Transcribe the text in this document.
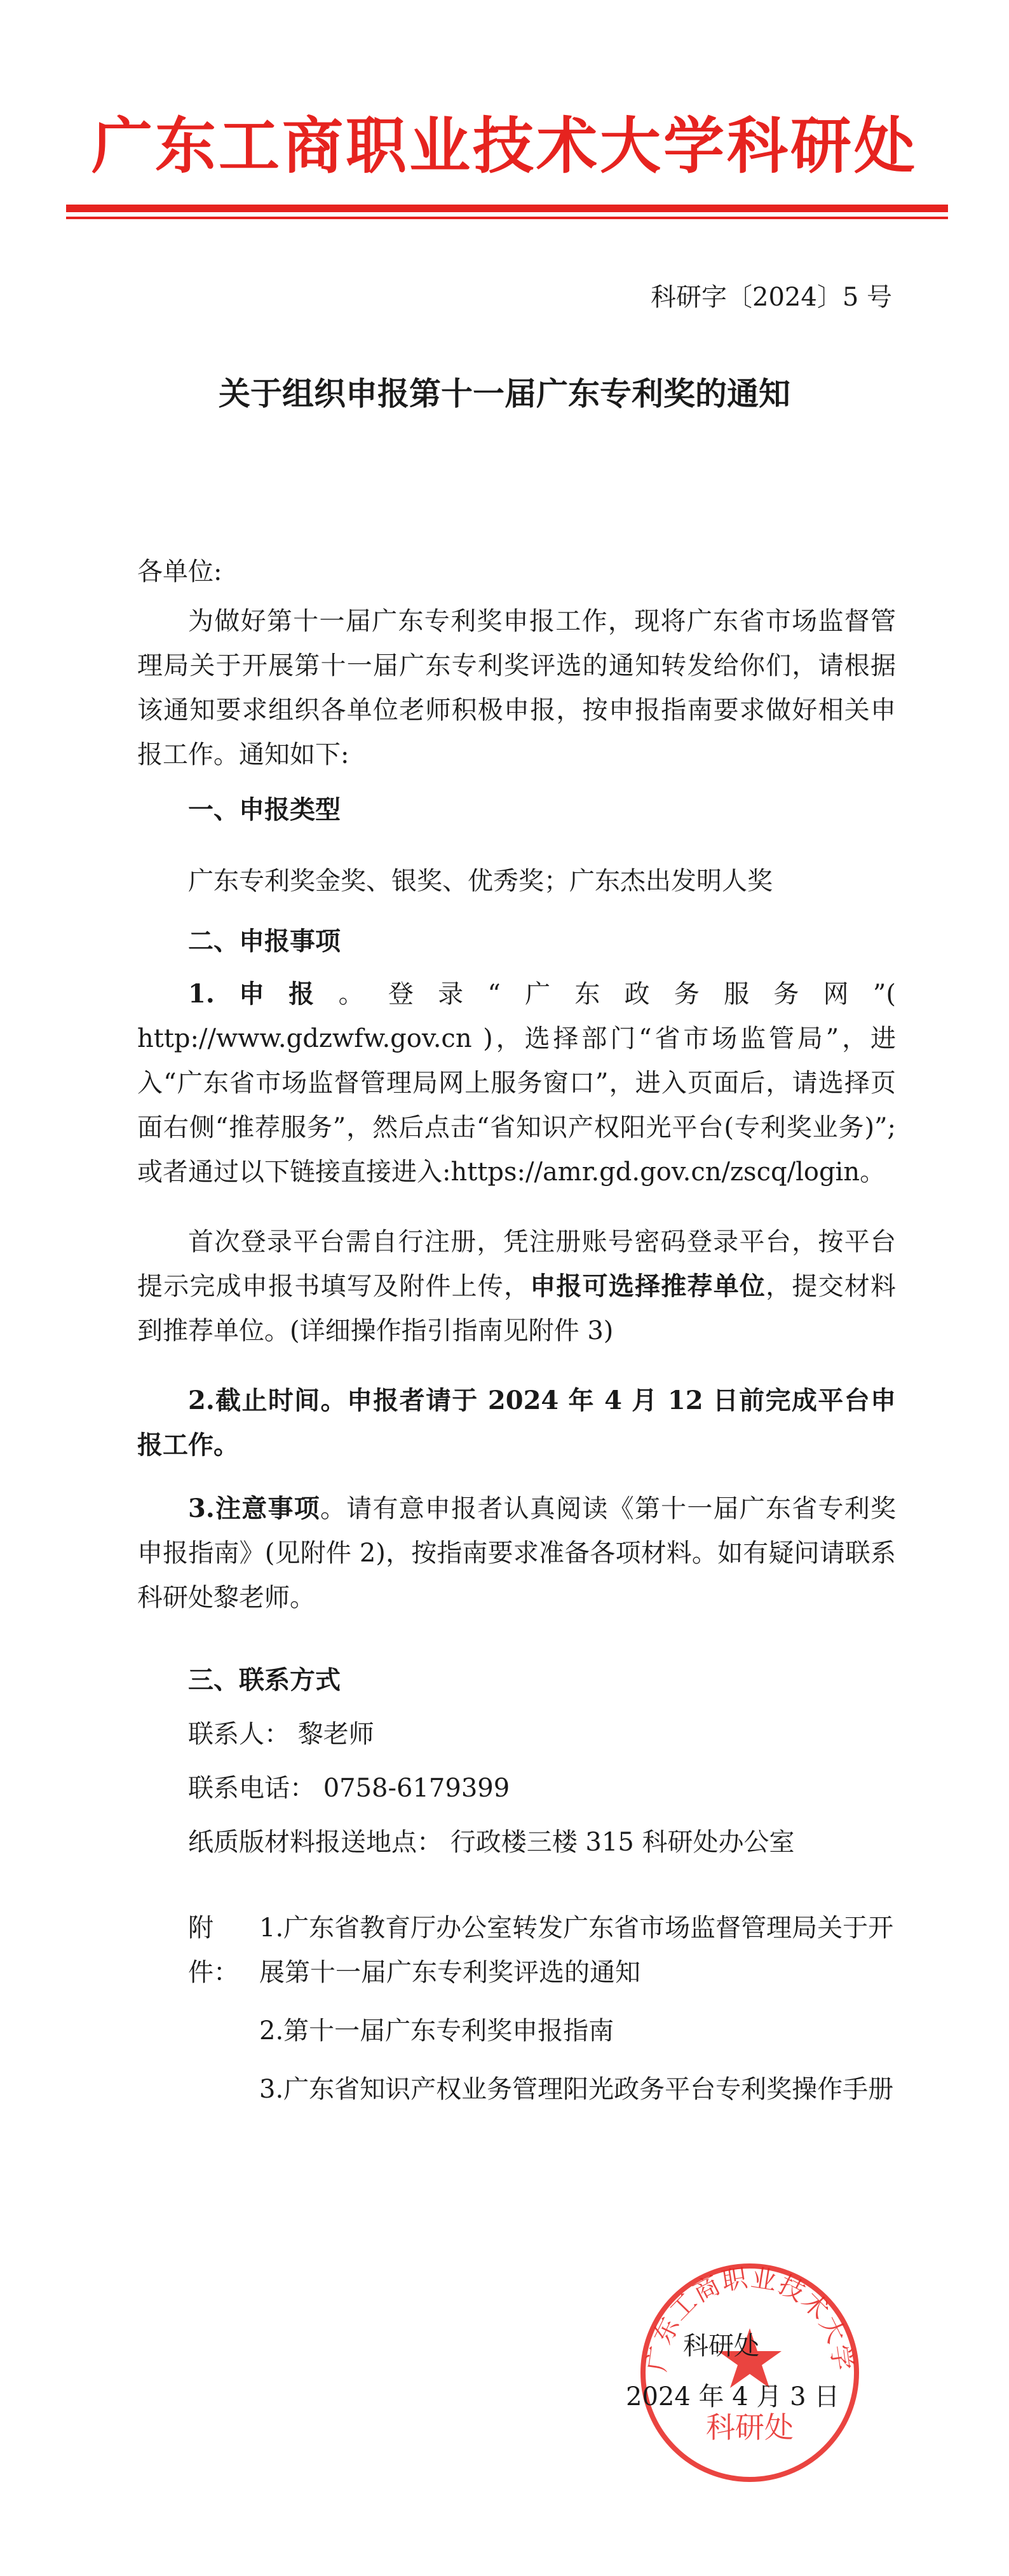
广东工商职业技术大学科研处
科研字〔2024〕5 号
关于组织申报第十一届广东专利奖的通知
各单位:
为做好第十一届广东专利奖申报工作，现将广东省市场监督管理局关于开展第十一届广东专利奖评选的通知转发给你们，请根据该通知要求组织各单位老师积极申报，按申报指南要求做好相关申报工作。通知如下:
一、申报类型
广东专利奖金奖、银奖、优秀奖；广东杰出发明人奖
二、申报事项
1.申报。登录“广东政务服务网”( http://www.gdzwfw.gov.cn )，选择部门“省市场监管局”，进入“广东省市场监督管理局网上服务窗口”，进入页面后，请选择页面右侧“推荐服务”，然后点击“省知识产权阳光平台(专利奖业务)”;或者通过以下链接直接进入:https://amr.gd.gov.cn/zscq/login。
首次登录平台需自行注册，凭注册账号密码登录平台，按平台提示完成申报书填写及附件上传，申报可选择推荐单位，提交材料到推荐单位。(详细操作指引指南见附件 3)
2.截止时间。申报者请于 2024 年 4 月 12 日前完成平台申报工作。
3.注意事项。请有意申报者认真阅读《第十一届广东省专利奖申报指南》(见附件 2)，按指南要求准备各项材料。如有疑问请联系科研处黎老师。
三、联系方式
联系人： 黎老师
联系电话： 0758-6179399
纸质版材料报送地点： 行政楼三楼 315 科研处办公室
附件：
1.广东省教育厅办公室转发广东省市场监督管理局关于开展第十一届广东专利奖评选的通知
2.第十一届广东专利奖申报指南
3.广东省知识产权业务管理阳光政务平台专利奖操作手册
广东工商职业技术大学
科研处
科研处
2024 年 4 月 3 日
